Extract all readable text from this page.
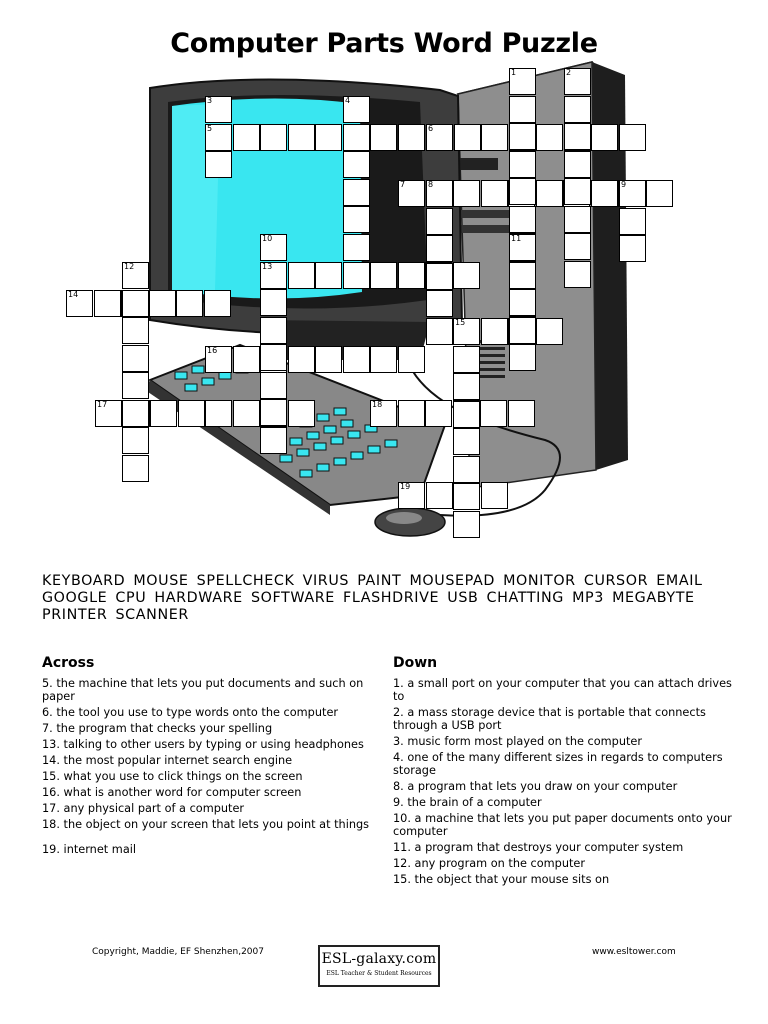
Computer Parts Word Puzzle
1	2
3	4
5	6
7	8	9
10	11
12	13
14
15
16
17	18
19
KEYBOARD MOUSE SPELLCHECK VIRUS PAINT MOUSEPAD MONITOR CURSOR EMAIL GOOGLE CPU HARDWARE SOFTWARE FLASHDRIVE USB CHATTING MP3 MEGABYTE PRINTER SCANNER
Across
5. the machine that lets you put documents and such on paper
6. the tool you use to type words onto the computer
7. the program that checks your spelling
13. talking to other users by typing or using headphones
14. the most popular internet search engine
15. what you use to click things on the screen
16. what is another word for computer screen
17. any physical part of a computer
18. the object on your screen that lets you point at things
19. internet mail
Down
1. a small port on your computer that you can attach drives to
2. a mass storage device that is portable that connects through a USB port
3. music form most played on the computer
4. one of the many different sizes in regards to computers storage
8. a program that lets you draw on your computer
9. the brain of a computer
10. a machine that lets you put paper documents onto your computer
11. a program that destroys your computer system
12. any program on the computer
15. the object that your mouse sits on
Copyright, Maddie, EF Shenzhen,2007	ESL-galaxy.com
ESL Teacher & Student Resources
www.esltower.com
